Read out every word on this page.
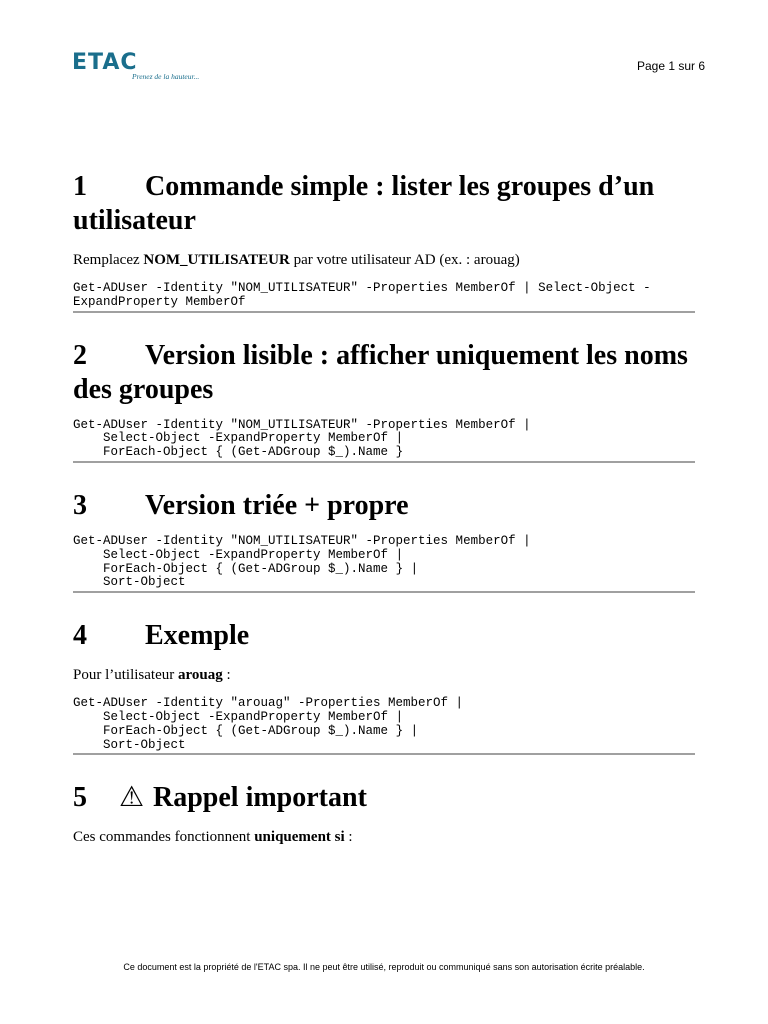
ETAC
Prenez de la hauteur...
Page 1 sur 6
1 Commande simple : lister les groupes d’un utilisateur

Remplacez NOM_UTILISATEUR par votre utilisateur AD (ex. : arouag)

Get-ADUser -Identity "NOM_UTILISATEUR" -Properties MemberOf | Select-Object -
ExpandProperty MemberOf
2 Version lisible : afficher uniquement les noms des groupes
Get-ADUser -Identity "NOM_UTILISATEUR" -Properties MemberOf |
Select-Object -ExpandProperty MemberOf |
ForEach-Object { (Get-ADGroup $_).Name }
3 Version triée + propre
Get-ADUser -Identity "NOM_UTILISATEUR" -Properties MemberOf |
Select-Object -ExpandProperty MemberOf |
ForEach-Object { (Get-ADGroup $_).Name } |
Sort-Object
4 Exemple

Pour l’utilisateur arouag :

Get-ADUser -Identity "arouag" -Properties MemberOf |
Select-Object -ExpandProperty MemberOf |
ForEach-Object { (Get-ADGroup $_).Name } |
Sort-Object
5 ⚠ Rappel important

Ces commandes fonctionnent uniquement si :

Ce document est la propriété de l'ETAC spa. Il ne peut être utilisé, reproduit ou communiqué sans son autorisation écrite préalable.
